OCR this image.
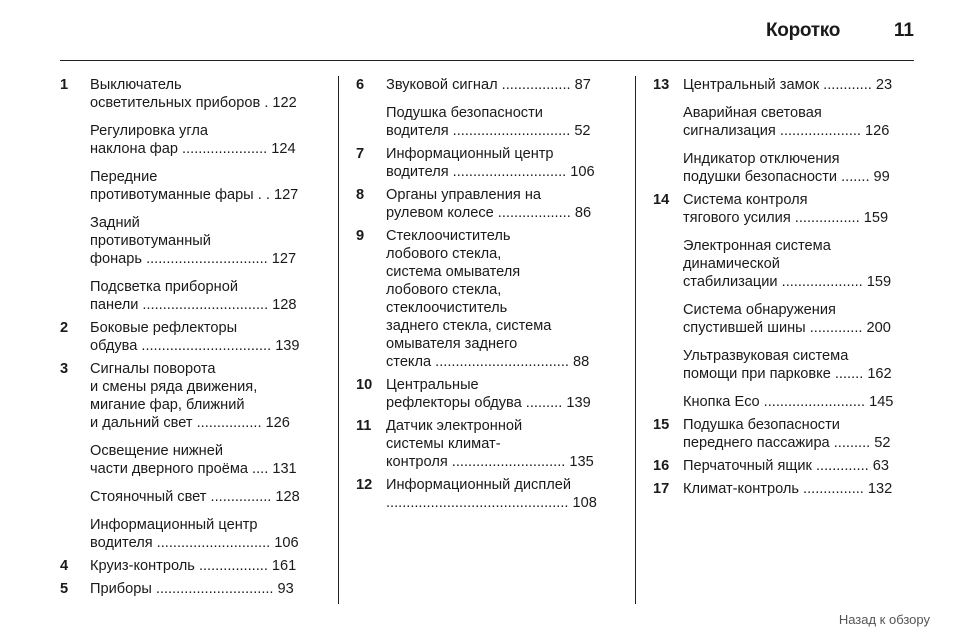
Коротко	11
1	Выключатель
осветительных приборов . 122
Регулировка угла
наклона фар ..................... 124
Передние
противотуманные фары . . 127
Задний
противотуманный
фонарь .............................. 127
Подсветка приборной
панели ............................... 128
2	Боковые рефлекторы
обдува ................................ 139
3	Сигналы поворота
и смены ряда движения,
мигание фар, ближний
и дальний свет ................ 126
Освещение нижней
части дверного проёма .... 131
Стояночный свет ............... 128
Информационный центр
водителя ............................ 106
4	Круиз-контроль ................. 161
5	Приборы ............................. 93
6	Звуковой сигнал ................. 87
Подушка безопасности
водителя ............................. 52
7	Информационный центр
водителя ............................ 106
8	Органы управления на
рулевом колесе .................. 86
9	Стеклоочиститель
лобового стекла,
система омывателя
лобового стекла,
стеклоочиститель
заднего стекла, система
омывателя заднего
стекла ................................. 88
10 Центральные
рефлекторы обдува ......... 139
11 Датчик электронной
системы климат-
контроля ............................ 135
12 Информационный дисплей
............................................. 108
13 Центральный замок ............ 23
Аварийная световая
сигнализация .................... 126
Индикатор отключения
подушки безопасности ....... 99
14 Система контроля
тягового усилия ................ 159
Электронная система
динамической
стабилизации .................... 159
Система обнаружения
спустившей шины ............. 200
Ультразвуковая система
помощи при парковке ....... 162
Кнопка Eco ......................... 145
15 Подушка безопасности
переднего пассажира ......... 52
16 Перчаточный ящик ............. 63
17 Климат-контроль ............... 132
Назад к обзору
